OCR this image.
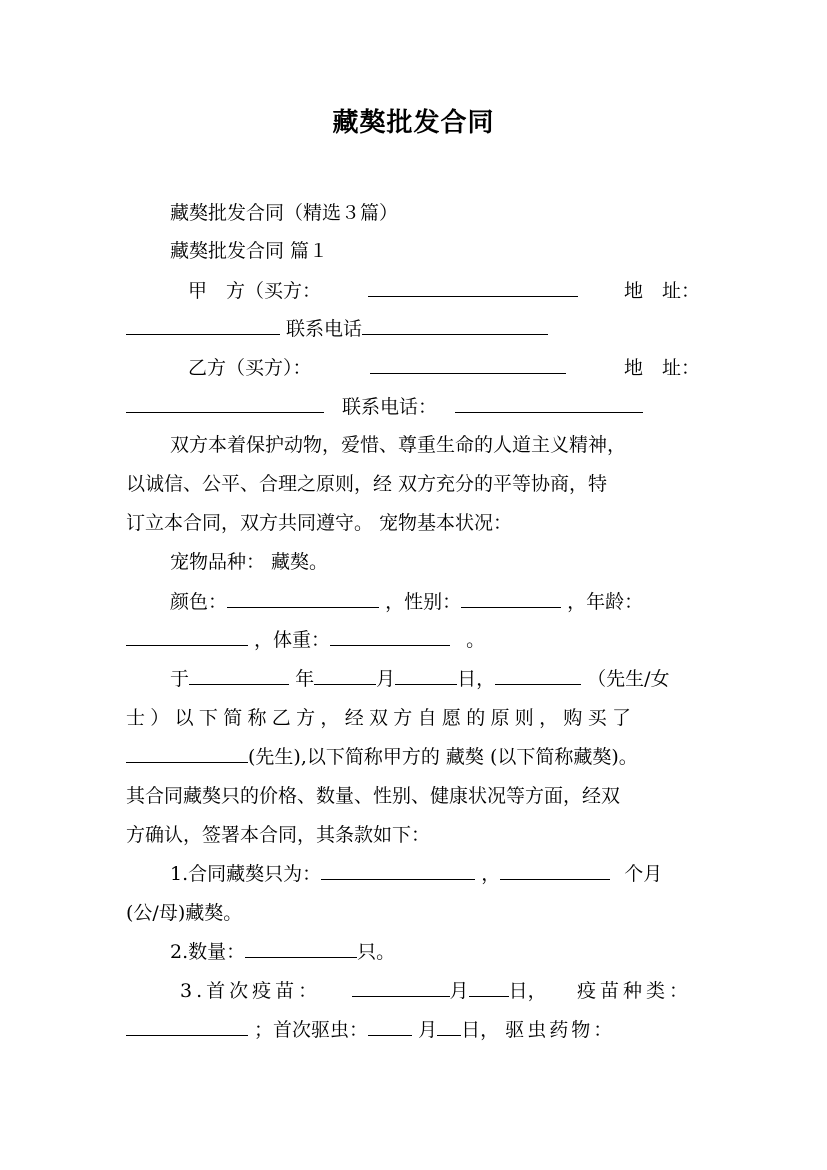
藏獒批发合同
藏獒批发合同（精选３篇）
藏獒批发合同 篇１
甲　方（买方：	地　址：
联系电话
乙方（买方）：	地　址：
联系电话：
双方本着保护动物，爱惜、尊重生命的人道主义精神，
以诚信、公平、合理之原则，经 双方充分的平等协商，特
订立本合同，双方共同遵守。 宠物基本状况：
宠物品种： 藏獒。
颜色：	，性别：	，年龄：
，体重：	。
于	年	月	日，	（先生/女
士）以下简称乙方，经双方自愿的原则，购买了
(先生),以下简称甲方的 藏獒 (以下简称藏獒)。
其合同藏獒只的价格、数量、性别、健康状况等方面，经双
方确认，签署本合同，其条款如下：
1.合同藏獒只为：	，	个月
(公/母)藏獒。
2.数量：	只。
3.首次疫苗：	月 日， 疫苗种类：
；首次驱虫：	月 日， 驱虫药物：
